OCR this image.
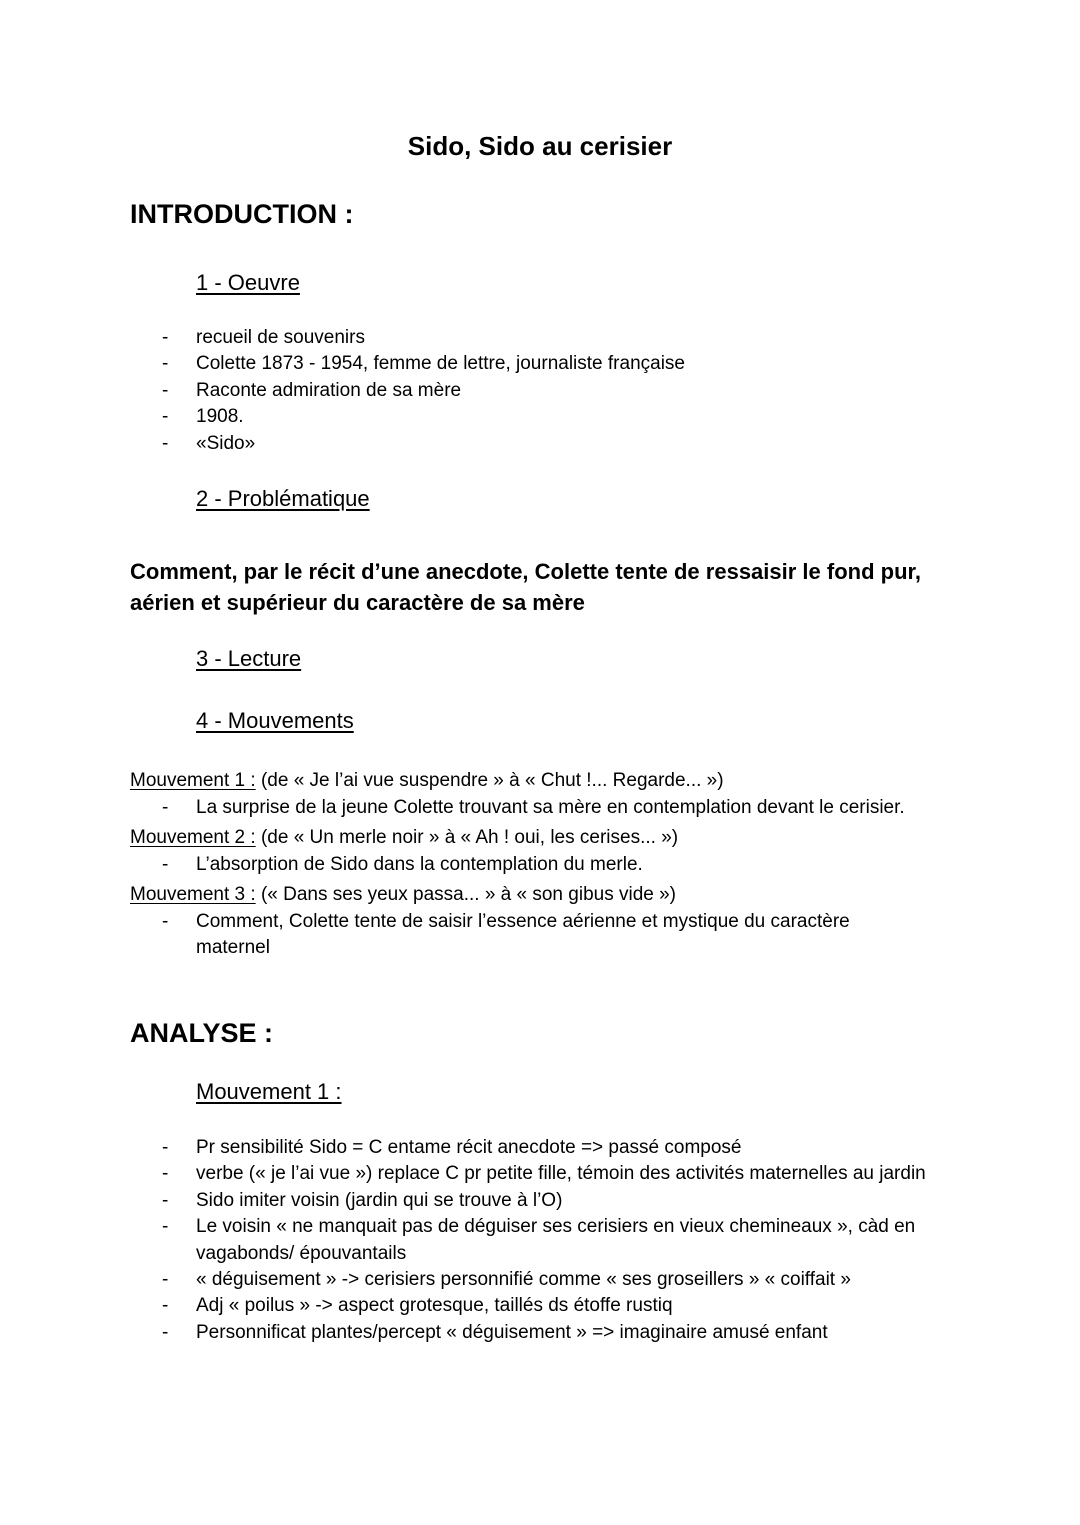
Sido, Sido au cerisier
INTRODUCTION :
1 - Oeuvre
- recueil de souvenirs
- Colette 1873 - 1954, femme de lettre, journaliste française
- Raconte admiration de sa mère
- 1908.
- «Sido»
2 - Problématique
Comment, par le récit d’une anecdote, Colette tente de ressaisir le fond pur, aérien et supérieur du caractère de sa mère
3 - Lecture
4 - Mouvements
Mouvement 1 : (de « Je l’ai vue suspendre » à « Chut !... Regarde... »)
- La surprise de la jeune Colette trouvant sa mère en contemplation devant le cerisier.
Mouvement 2 : (de « Un merle noir » à « Ah ! oui, les cerises... »)
- L’absorption de Sido dans la contemplation du merle.
Mouvement 3 : (« Dans ses yeux passa... » à « son gibus vide »)
- Comment, Colette tente de saisir l’essence aérienne et mystique du caractère maternel
ANALYSE :
Mouvement 1 :
- Pr sensibilité Sido = C entame récit anecdote => passé composé
- verbe (« je l’ai vue ») replace C pr petite fille, témoin des activités maternelles au jardin
- Sido imiter voisin (jardin qui se trouve à l’O)
- Le voisin « ne manquait pas de déguiser ses cerisiers en vieux chemineaux », càd en vagabonds/ épouvantails
- « déguisement » -> cerisiers personnifié comme « ses groseillers » « coiffait »
- Adj « poilus » -> aspect grotesque, taillés ds étoffe rustiq
- Personnificat plantes/percept « déguisement » => imaginaire amusé enfant
